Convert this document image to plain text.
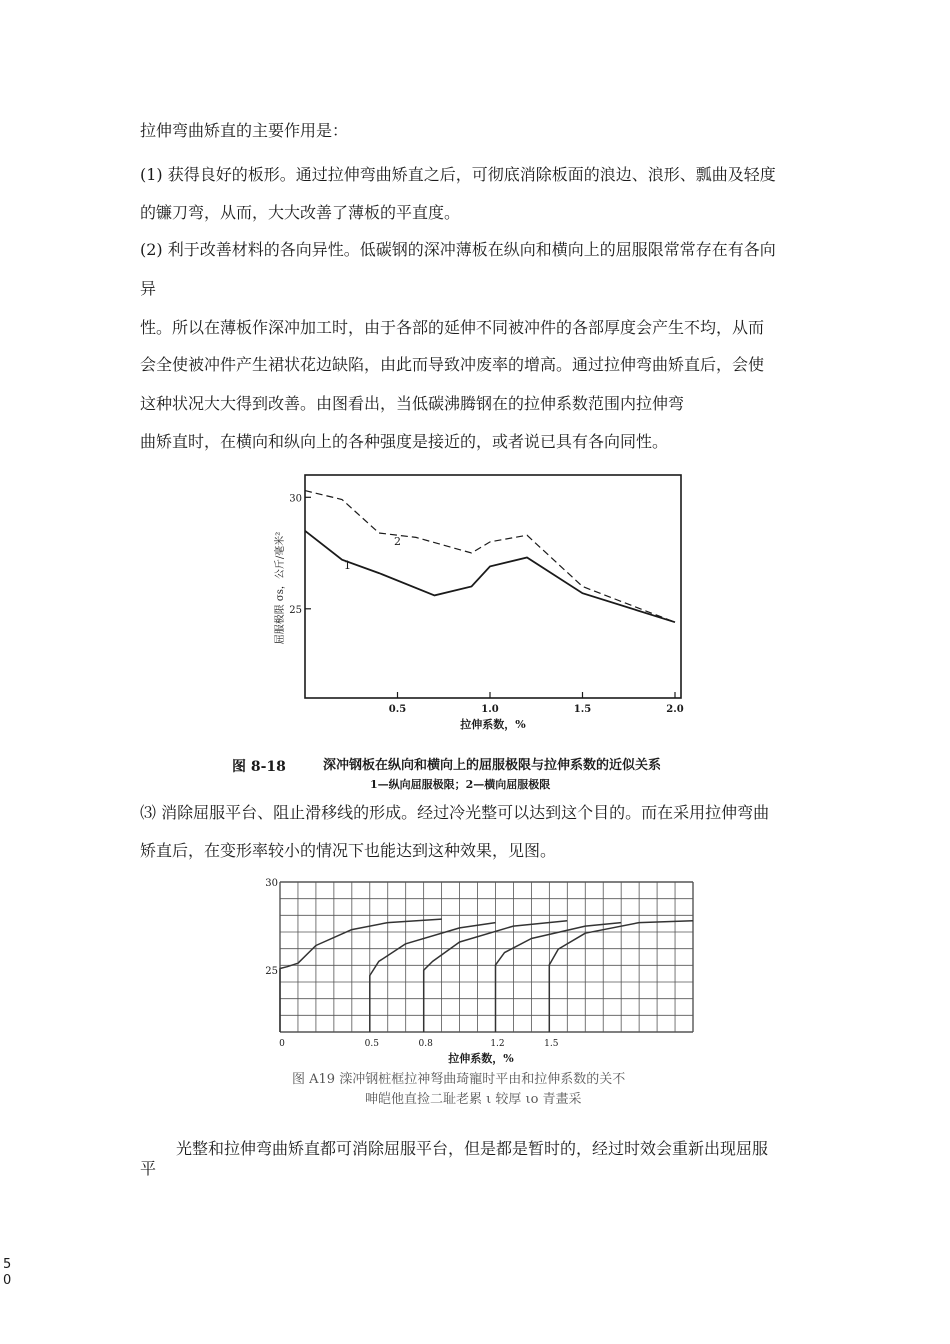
拉伸弯曲矫直的主要作用是：
(1) 获得良好的板形。通过拉伸弯曲矫直之后，可彻底消除板面的浪边、浪形、瓢曲及轻度
的镰刀弯，从而，大大改善了薄板的平直度。
(2) 利于改善材料的各向异性。低碳钢的深冲薄板在纵向和横向上的屈服限常常存在有各向
异
性。所以在薄板作深冲加工时，由于各部的延伸不同被冲件的各部厚度会产生不均，从而
会全使被冲件产生裙状花边缺陷，由此而导致冲废率的增高。通过拉伸弯曲矫直后，会使
这种状况大大得到改善。由图看出，当低碳沸腾钢在的拉伸系数范围内拉伸弯
曲矫直时，在横向和纵向上的各种强度是接近的，或者说已具有各向同性。
30
25
0.5	1.0	1.5	2.0
屈服极限 σs，公斤/毫米²
拉伸系数，%
1
2
图 8-18	深冲钢板在纵向和横向上的屈服极限与拉伸系数的近似关系
1—纵向屈服极限；2—横向屈服极限
⑶ 消除屈服平台、阻止滑移线的形成。经过冷光整可以达到这个目的。而在采用拉伸弯曲
矫直后，在变形率较小的情况下也能达到这种效果，见图。
30
25
0	0.5	0.8	1.2	1.5
拉伸系数，%
图 A19 滦冲钢桩框拉神弩曲琦寵时平由和拉伸系数的关不
呻皑他直捡二耻老累 ι 较厚 ιo 青畫采
光整和拉伸弯曲矫直都可消除屈服平台，但是都是暂时的，经过时效会重新出现屈服
平
5
0
